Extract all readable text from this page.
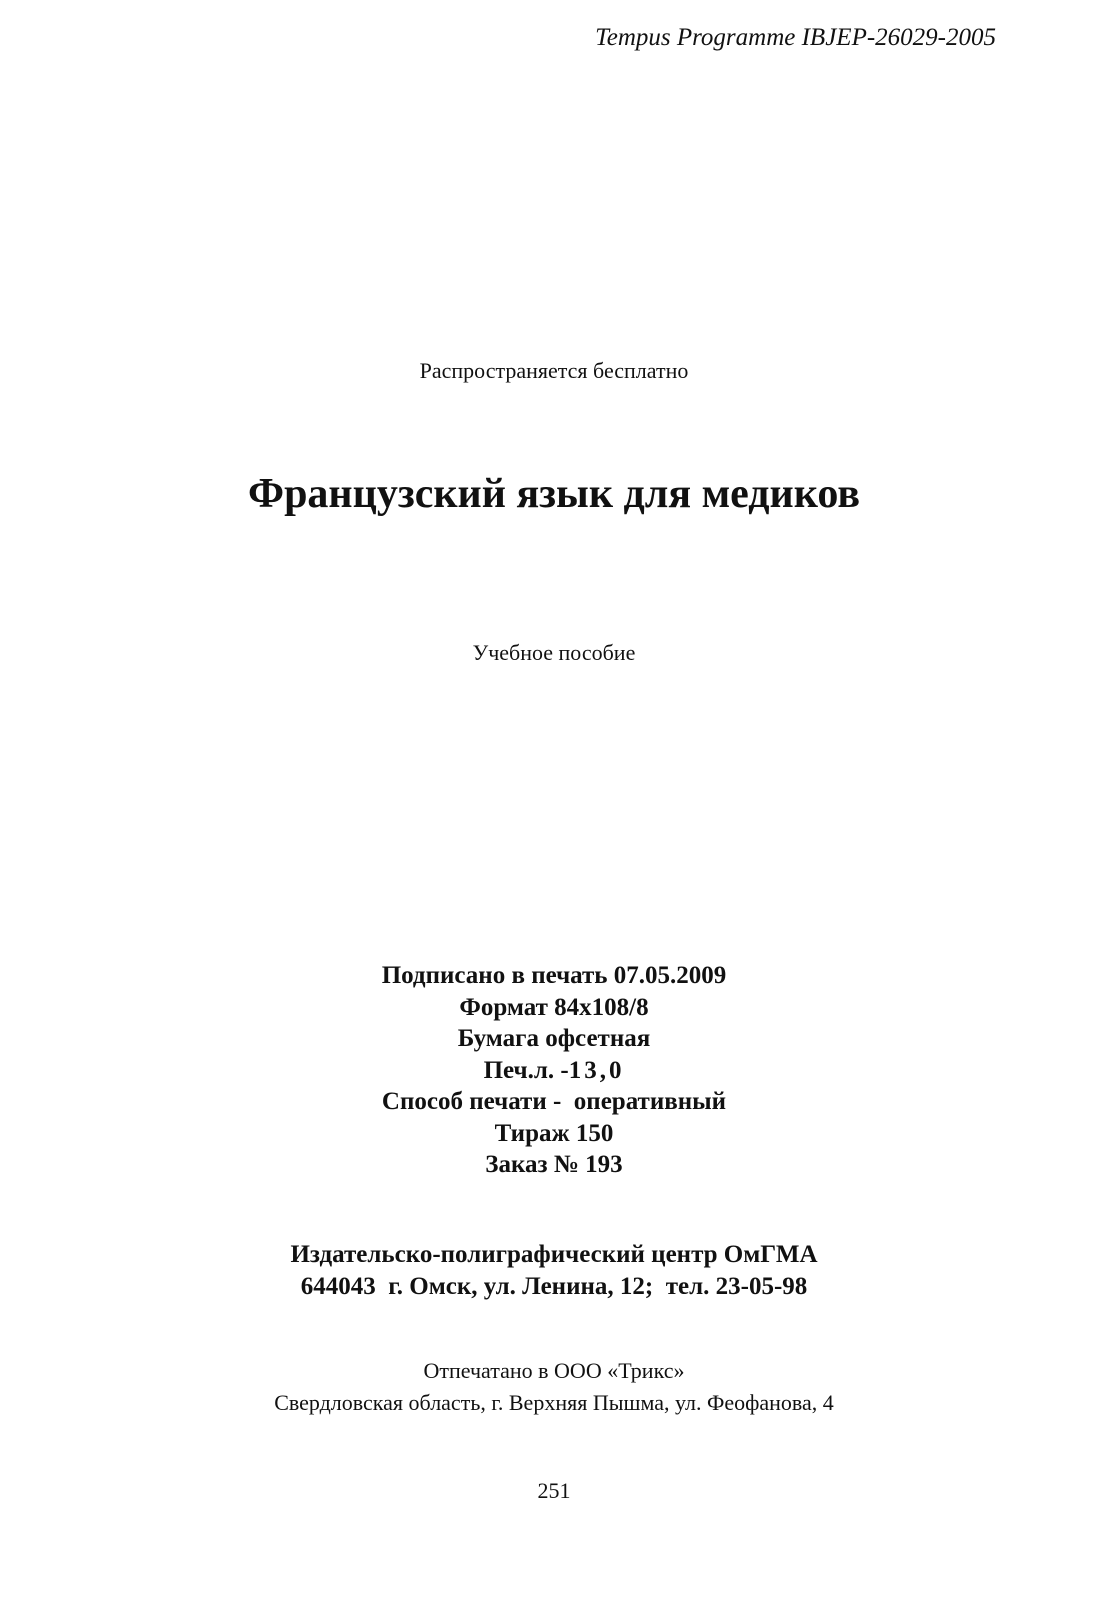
Tempus Programme IBJEP-26029-2005
Распространяется бесплатно
Французский язык для медиков
Учебное пособие
Подписано в печать 07.05.2009
Формат 84x108/8
Бумага офсетная
Печ.л. -13,0
Способ печати -  оперативный
Тираж 150
Заказ № 193
Издательско-полиграфический центр ОмГМА
644043  г. Омск, ул. Ленина, 12;  тел. 23-05-98
Отпечатано в ООО «Трикс»
Свердловская область, г. Верхняя Пышма, ул. Феофанова, 4
251
